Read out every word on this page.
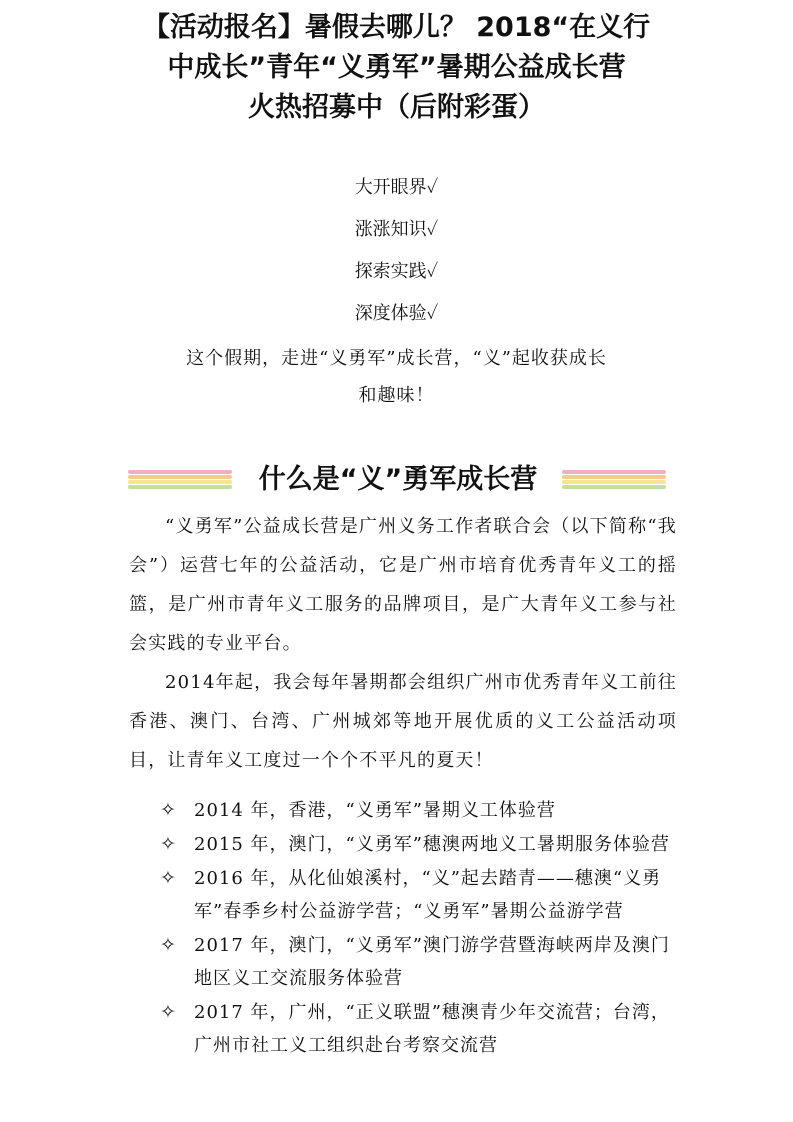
【活动报名】暑假去哪儿？ 2018“在义行
中成长”青年“义勇军”暑期公益成长营
火热招募中（后附彩蛋）
大开眼界✓
涨涨知识✓
探索实践✓
深度体验✓
这个假期，走进“义勇军”成长营，“义”起收获成长
和趣味！
什么是“义”勇军成长营

“义勇军”公益成长营是广州义务工作者联合会（以下简称“我会”）运营七年的公益活动，它是广州市培育优秀青年义工的摇篮，是广州市青年义工服务的品牌项目，是广大青年义工参与社会实践的专业平台。

2014年起，我会每年暑期都会组织广州市优秀青年义工前往香港、澳门、台湾、广州城郊等地开展优质的义工公益活动项目，让青年义工度过一个个不平凡的夏天！

✧ 2014 年，香港，“义勇军”暑期义工体验营
✧ 2015 年，澳门，“义勇军”穗澳两地义工暑期服务体验营
✧ 2016 年，从化仙娘溪村，“义”起去踏青——穗澳“义勇军”春季乡村公益游学营；“义勇军”暑期公益游学营
✧ 2017 年，澳门，“义勇军”澳门游学营暨海峡两岸及澳门地区义工交流服务体验营
✧ 2017 年，广州，“正义联盟”穗澳青少年交流营；台湾，广州市社工义工组织赴台考察交流营
